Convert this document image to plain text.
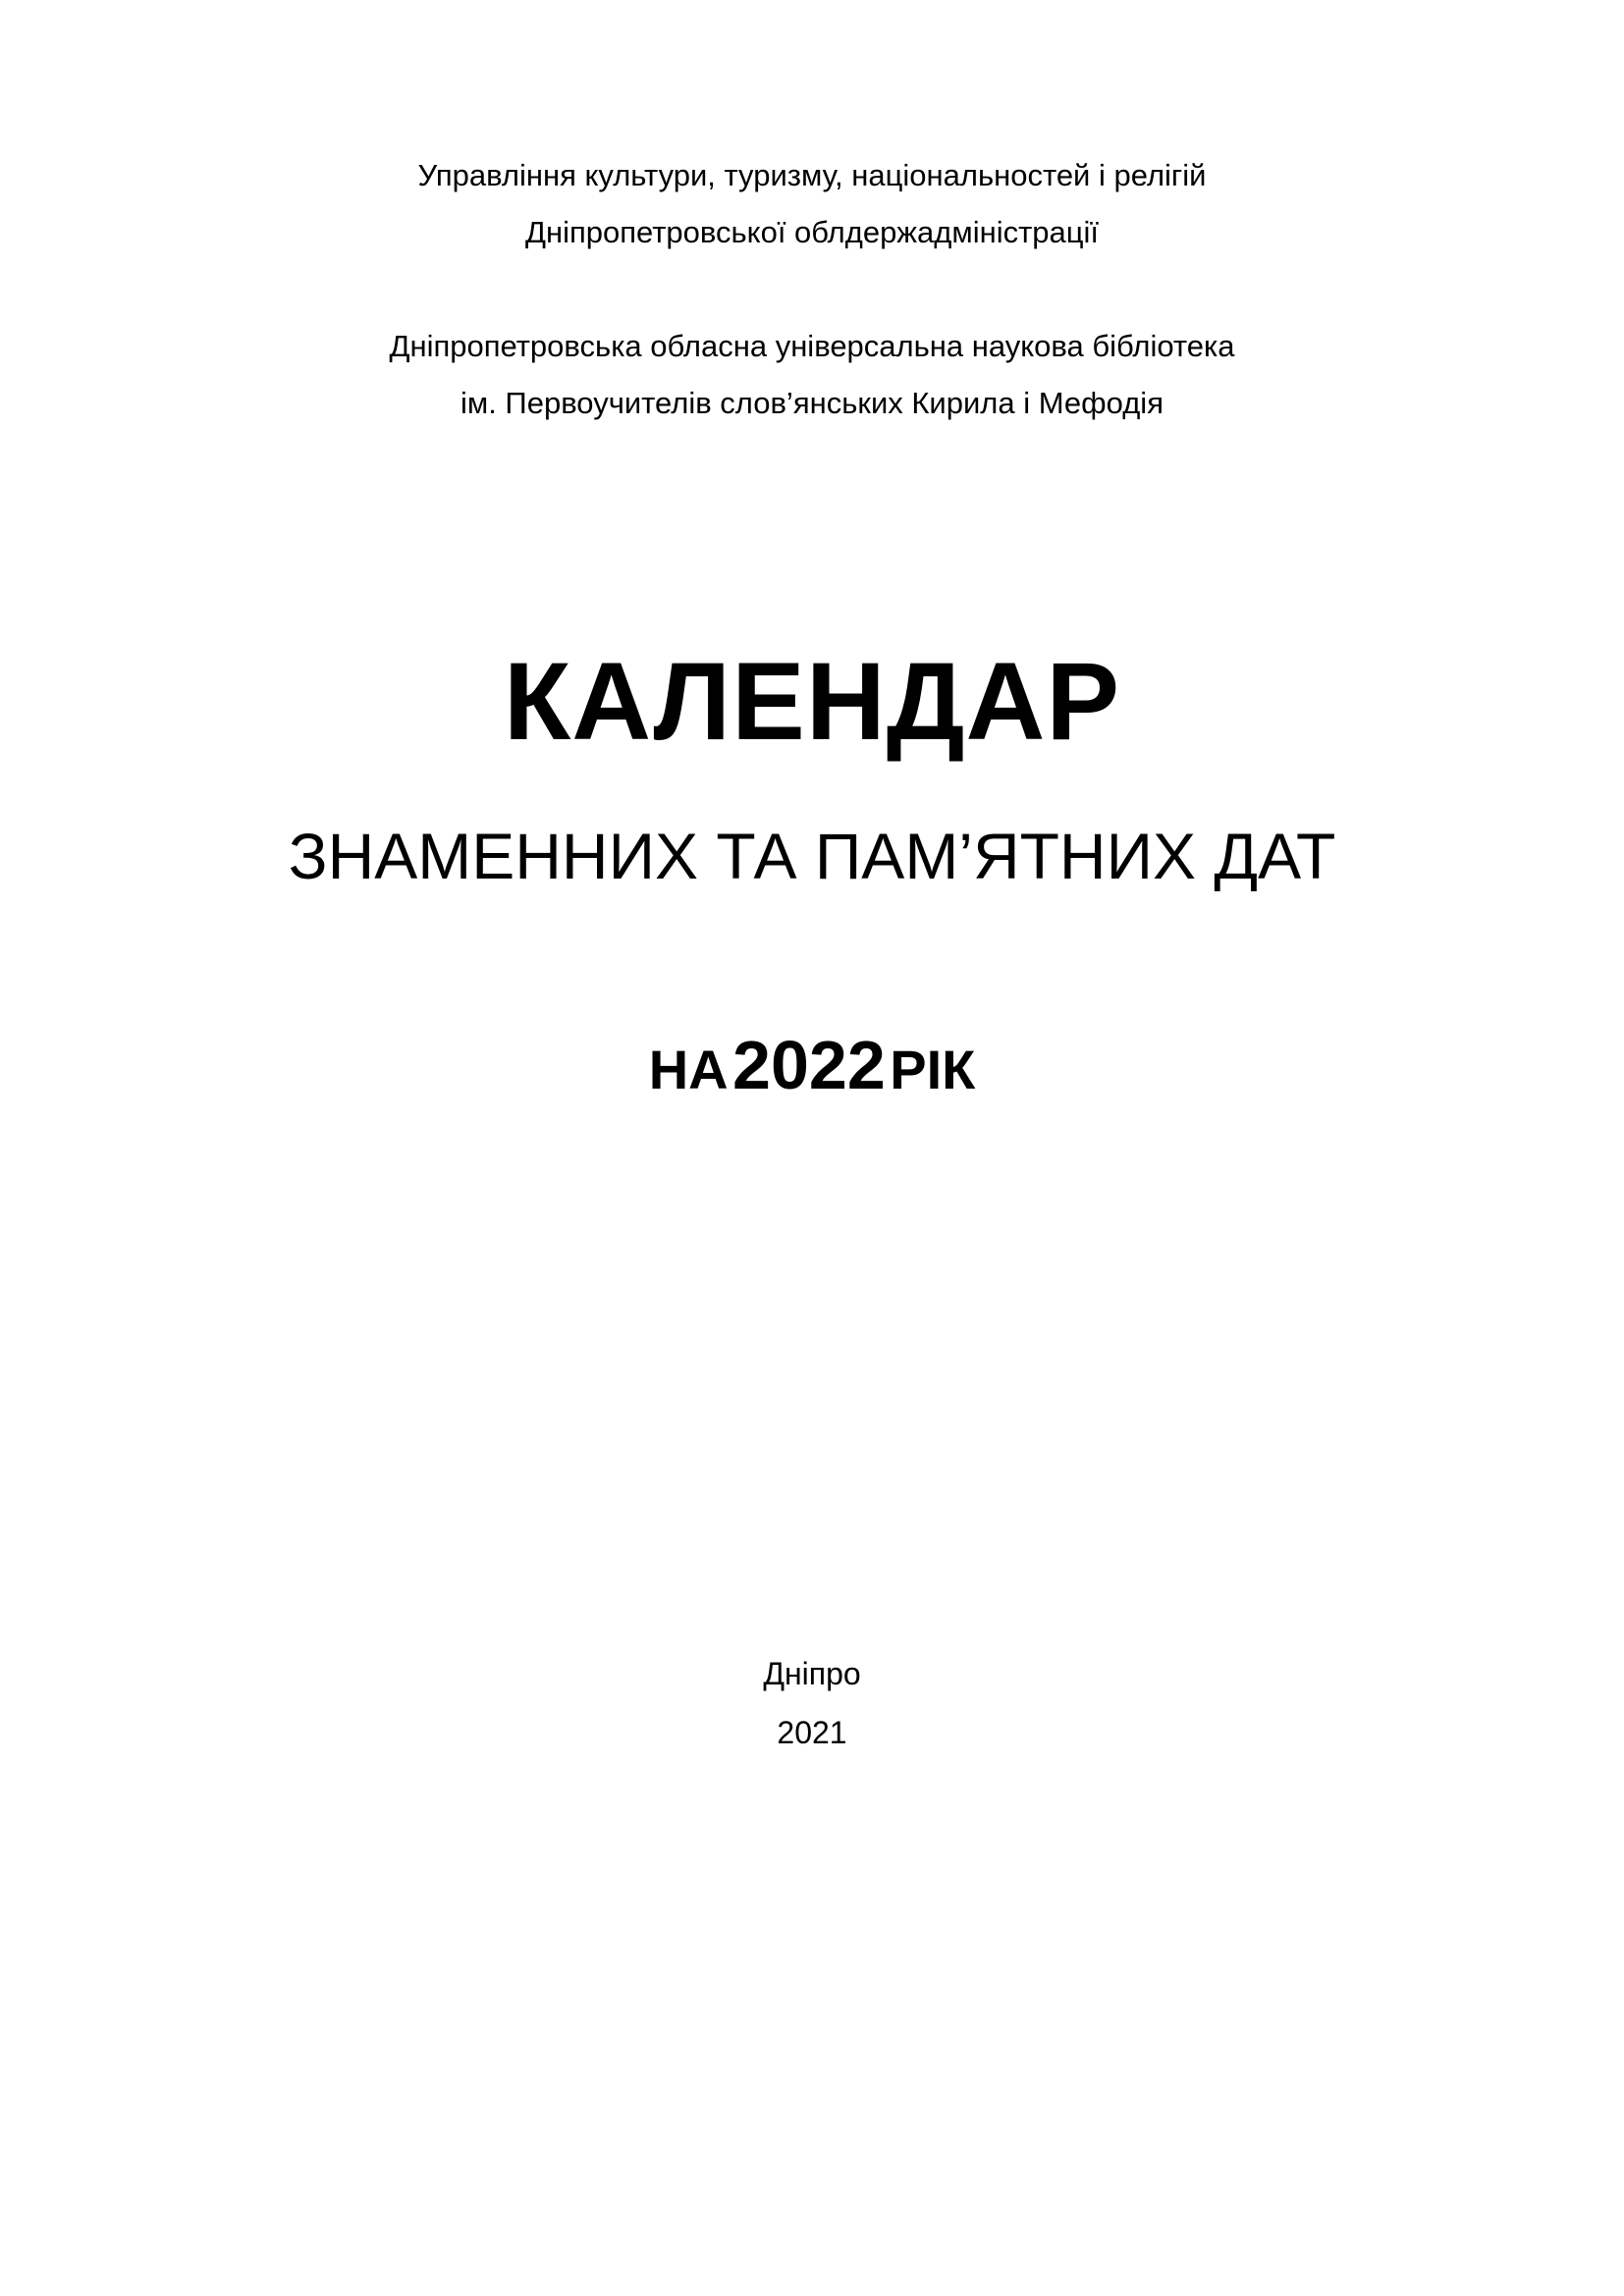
Управління культури, туризму, національностей і релігій
Дніпропетровської облдержадміністрації
Дніпропетровська обласна універсальна наукова бібліотека
ім. Первоучителів слов’янських Кирила і Мефодія
КАЛЕНДАР
ЗНАМЕННИХ ТА ПАМ’ЯТНИХ ДАТ
НА 2022 РІК
Дніпро
2021
